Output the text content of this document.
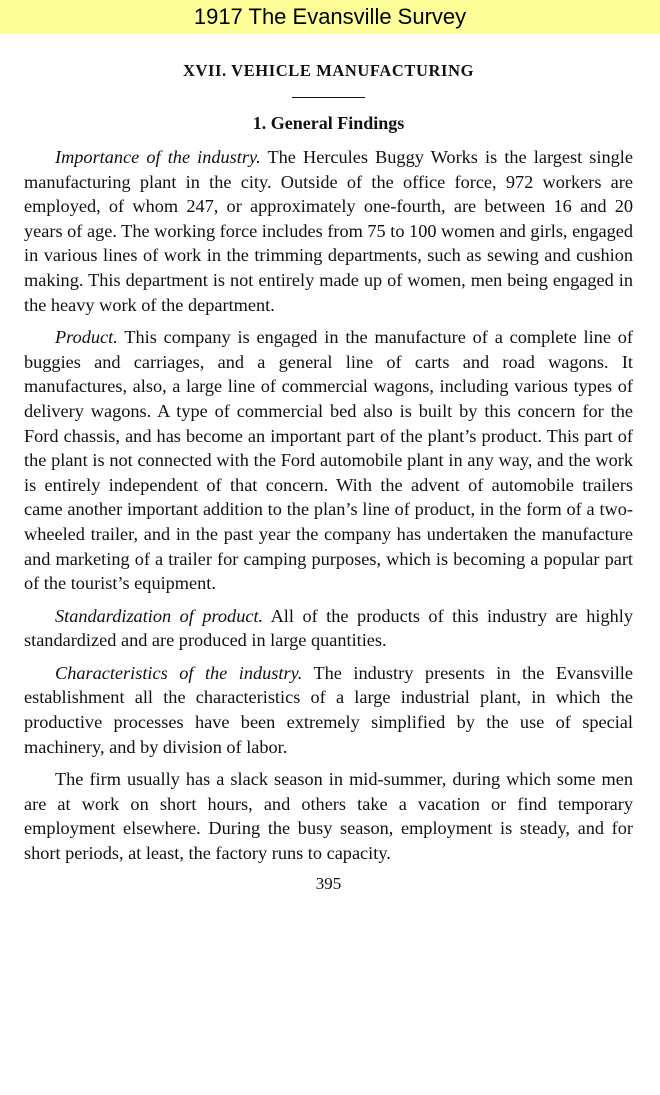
1917 The Evansville Survey
XVII. VEHICLE MANUFACTURING
1. General Findings

Importance of the industry. The Hercules Buggy Works is the largest single manufacturing plant in the city. Outside of the office force, 972 workers are employed, of whom 247, or approximately one-fourth, are between 16 and 20 years of age. The working force includes from 75 to 100 women and girls, engaged in various lines of work in the trimming departments, such as sewing and cushion making. This department is not entirely made up of women, men being engaged in the heavy work of the department.

Product. This company is engaged in the manufacture of a complete line of buggies and carriages, and a general line of carts and road wagons. It manufactures, also, a large line of commercial wagons, including various types of delivery wagons. A type of commercial bed also is built by this concern for the Ford chassis, and has become an important part of the plant’s product. This part of the plant is not connected with the Ford automobile plant in any way, and the work is entirely independent of that concern. With the advent of automobile trailers came another important addition to the plan’s line of product, in the form of a two-wheeled trailer, and in the past year the company has undertaken the manufacture and marketing of a trailer for camping purposes, which is becoming a popular part of the tourist’s equipment.

Standardization of product. All of the products of this industry are highly standardized and are produced in large quantities.

Characteristics of the industry. The industry presents in the Evansville establishment all the characteristics of a large industrial plant, in which the productive processes have been extremely simplified by the use of special machinery, and by division of labor.

The firm usually has a slack season in mid-summer, during which some men are at work on short hours, and others take a vacation or find temporary employment elsewhere. During the busy season, employment is steady, and for short periods, at least, the factory runs to capacity.

395
